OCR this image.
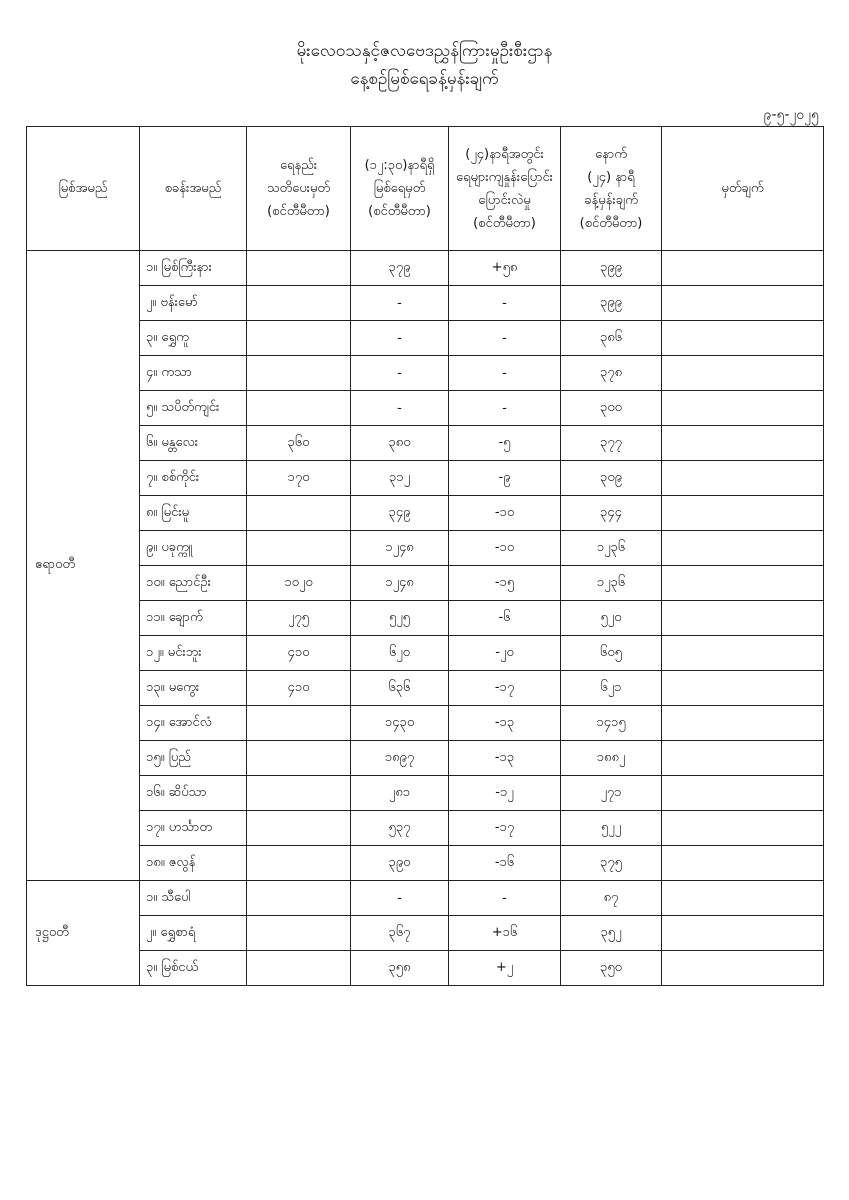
မိုးလေဝသနှင့်ဇလဗေဒညွှန်ကြားမှုဦးစီးဌာန
နေ့စဉ်မြစ်ရေခန့်မှန်းချက်
၉-၅-၂၀၂၅
မြစ်အမည်	စခန်းအမည်	ရေနည်း
သတိပေးမှတ်
(စင်တီမီတာ)	(၁၂:၃၀)နာရီရှိ
မြစ်ရေမှတ်
(စင်တီမီတာ)	(၂၄)နာရီအတွင်း
ရေများကျနှုန်းပြောင်း
ပြောင်းလဲမှု
(စင်တီမီတာ)	နောက်
(၂၄) နာရီ
ခန့်မှန်းချက်
(စင်တီမီတာ)	မှတ်ချက်

ဧရာဝတီ	၁။ မြစ်ကြီးနား		၃၇၉	+၅၈	၃၉၉	
	၂။ ဗန်းမော်		-	-	၃၉၉	
	၃။ ရွှေကူ		-	-	၃၈၆	
	၄။ ကသာ		-	-	၃၇၈	
	၅။ သပိတ်ကျင်း		-	-	၃၀၀	
	၆။ မန္တလေး	၃၆၀	၃၈၀	-၅	၃၇၇	
	၇။ စစ်ကိုင်း	၁၇၀	၃၁၂	-၉	၃၀၉	
	၈။ မြင်းမူ		၃၄၉	-၁၀	၃၄၄	
	၉။ ပခုက္ကူ		၁၂၄၈	-၁၀	၁၂၃၆	
	၁၀။ ညောင်ဦး	၁၀၂၀	၁၂၄၈	-၁၅	၁၂၃၆	
	၁၁။ ချောက်	၂၇၅	၅၂၅	-၆	၅၂၀	
	၁၂။ မင်းဘူး	၄၁၀	၆၂၀	-၂၀	၆၀၅	
	၁၃။ မကွေး	၄၁၀	၆၃၆	-၁၇	၆၂၁	
	၁၄။ အောင်လံ		၁၄၃၀	-၁၃	၁၄၁၅	
	၁၅။ ပြည်		၁၈၉၇	-၁၃	၁၈၈၂	
	၁၆။ ဆိပ်သာ		၂၈၁	-၁၂	၂၇၁	
	၁၇။ ဟင်္သာတ		၅၃၇	-၁၇	၅၂၂	
	၁၈။ ဇလွန်		၃၉၀	-၁၆	၃၇၅	
ဒုဋ္ဌဝတီ	၁။ သီပေါ		-	-	၈၇	
	၂။ ရွှေစာရံ		၃၆၇	+၁၆	၃၅၂	
	၃။ မြစ်ငယ်		၃၅၈	+၂	၃၅၀	
